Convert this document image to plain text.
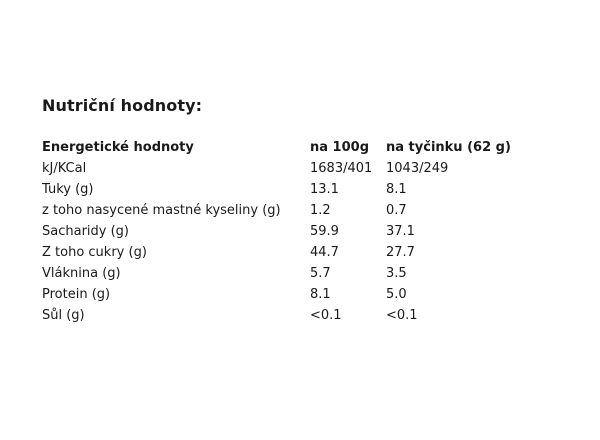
Nutriční hodnoty:
Energetické hodnoty	na 100g	na tyčinku (62 g)
kJ/KCal	1683/401	1043/249
Tuky (g)	13.1	8.1
z toho nasycené mastné kyseliny (g)	1.2	0.7
Sacharidy (g)	59.9	37.1
Z toho cukry (g)	44.7	27.7
Vláknina (g)	5.7	3.5
Protein (g)	8.1	5.0
Sůl (g)	<0.1	<0.1
